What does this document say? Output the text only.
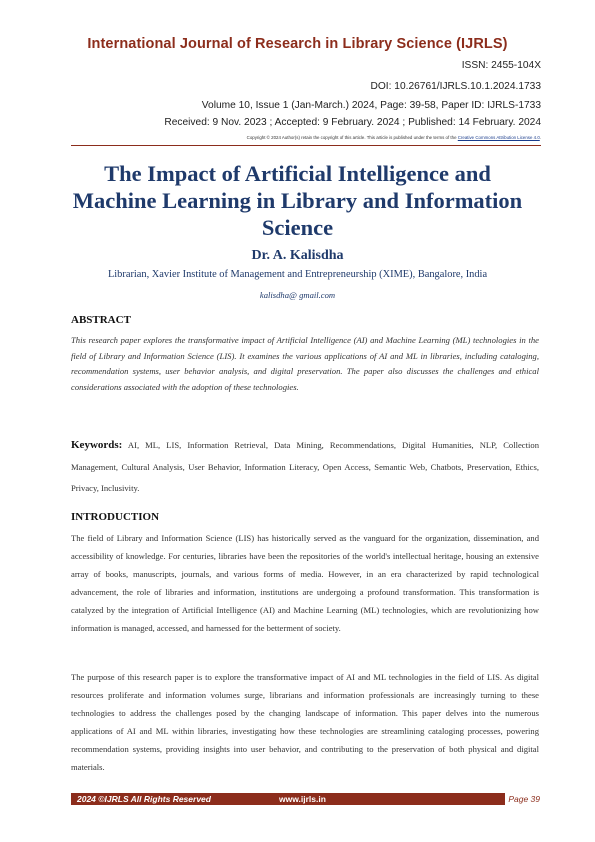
International Journal of Research in Library Science (IJRLS)
ISSN: 2455-104X
DOI: 10.26761/IJRLS.10.1.2024.1733
Volume 10, Issue 1 (Jan-March.) 2024, Page: 39-58, Paper ID: IJRLS-1733
Received: 9 Nov. 2023 ; Accepted: 9 February. 2024 ; Published: 14 February. 2024
Copyright © 2024 Author(s) retain the copyright of this article. This article is published under the terms of the Creative Commons Attribution License 4.0.
The Impact of Artificial Intelligence and Machine Learning in Library and Information Science
Dr. A. Kalisdha
Librarian, Xavier Institute of Management and Entrepreneurship (XIME), Bangalore, India
kalisdha@ gmail.com
ABSTRACT
This research paper explores the transformative impact of Artificial Intelligence (AI) and Machine Learning (ML) technologies in the field of Library and Information Science (LIS). It examines the various applications of AI and ML in libraries, including cataloging, recommendation systems, user behavior analysis, and digital preservation. The paper also discusses the challenges and ethical considerations associated with the adoption of these technologies.
Keywords: AI, ML, LIS, Information Retrieval, Data Mining, Recommendations, Digital Humanities, NLP, Collection Management, Cultural Analysis, User Behavior, Information Literacy, Open Access, Semantic Web, Chatbots, Preservation, Ethics, Privacy, Inclusivity.
INTRODUCTION
The field of Library and Information Science (LIS) has historically served as the vanguard for the organization, dissemination, and accessibility of knowledge. For centuries, libraries have been the repositories of the world's intellectual heritage, housing an extensive array of books, manuscripts, journals, and various forms of media. However, in an era characterized by rapid technological advancement, the role of libraries and information, institutions are undergoing a profound transformation. This transformation is catalyzed by the integration of Artificial Intelligence (AI) and Machine Learning (ML) technologies, which are revolutionizing how information is managed, accessed, and harnessed for the betterment of society.
The purpose of this research paper is to explore the transformative impact of AI and ML technologies in the field of LIS. As digital resources proliferate and information volumes surge, librarians and information professionals are increasingly turning to these technologies to address the challenges posed by the changing landscape of information. This paper delves into the numerous applications of AI and ML within libraries, investigating how these technologies are streamlining cataloging processes, powering recommendation systems, providing insights into user behavior, and contributing to the preservation of both physical and digital materials.
2024 ©IJRLS All Rights Reserved	www.ijrls.in	Page 39
